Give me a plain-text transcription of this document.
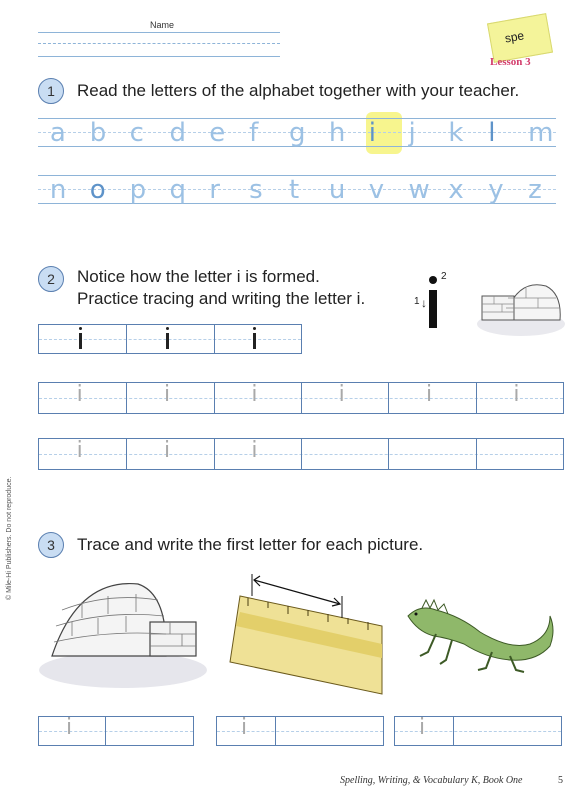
Name
spe
Lesson 3
1	Read the letters of the alphabet together with your teacher.
a b c d e f g h i j k l m
n o p q r s t u v w x y z
2	Notice how the letter i is formed.
Practice tracing and writing the letter i.
2
1 ↓
i	i	i	i	i	i
i	i	i
3	Trace and write the first letter for each picture.
i	i	i
© Mile-Hi Publishers. Do not reproduce.
Spelling, Writing, & Vocabulary K, Book One	5
